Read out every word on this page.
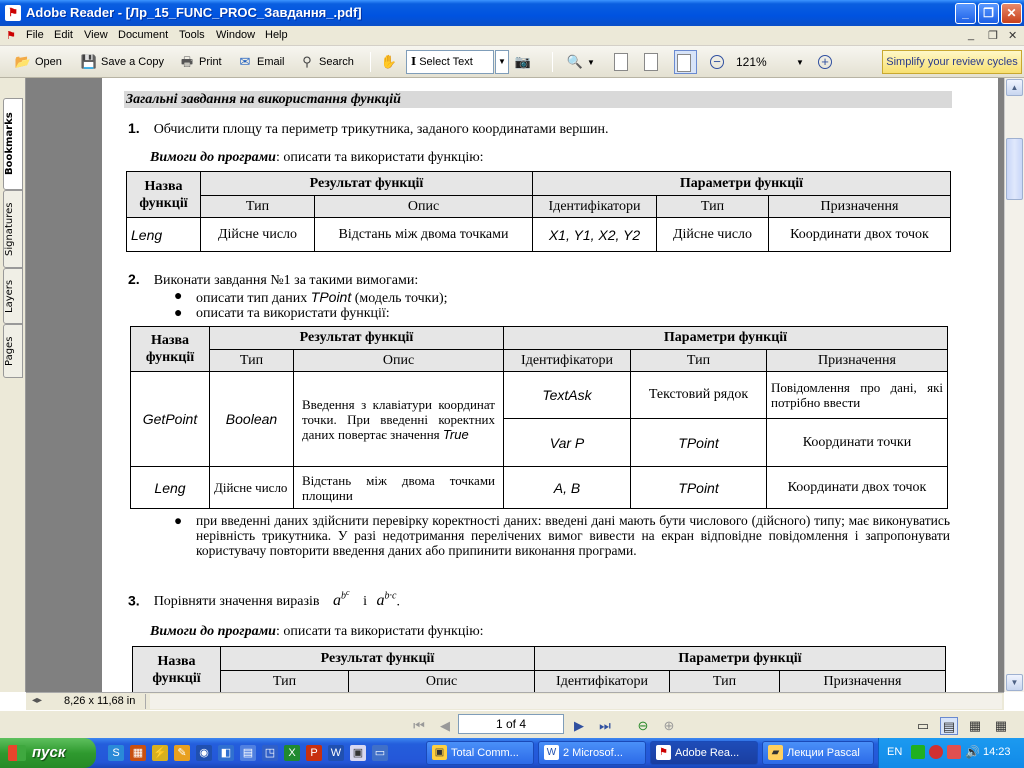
⚑ Adobe Reader - [Лр_15_FUNC_PROC_Завдання_.pdf]	_	❐	✕
⚑ File Edit View Document Tools Window Help	_ ❐ ✕
📂 Open 💾 Save a Copy 🖶 Print ✉ Email	⚲ Search ✋	📷	🔍 ▼	−	▼ +
I Select Text	▼	121%	Simplify your review cycles
Bookmarks
Signatures
Layers
Pages
Загальні завдання на використання функцій
1. Обчислити площу та периметр трикутника, заданого координатами вершин.
Вимоги до програми: описати та використати функцію:
Назва функції	Результат функції		Параметри функції		
	Тип	Опис	Ідентифікатори	Тип	Призначення
Leng	Дійсне число	Відстань між двома точками	X1, Y1, X2, Y2	Дійсне число	Координати двох точок
2. Виконати завдання №1 за такими вимогами:
● описати тип даних TPoint (модель точки);
● описати та використати функції:
Назва функції	Результат функції		Параметри функції		
	Тип	Опис	Ідентифікатори	Тип	Призначення
GetPoint	Boolean	Введення з клавіатури координат точки. При введенні коректних даних повертає значення True	TextAsk	Текстовий рядок	Повідомлення про дані, які потрібно ввести
			Var P	TPoint	Координати точки
Leng	Дійсне число	Відстань між двома точками площини	A, B	TPoint	Координати двох точок
● при введенні даних здійснити перевірку коректності даних: введені дані мають бути числового (дійсного) типу; має виконуватись нерівність трикутника. У разі недотримання перелічених вимог вивести на екран відповідне повідомлення і запропонувати користувачу повторити введення даних або припинити виконання програми.
3. Порівняти значення виразів $a^{bc}$ і $a^{b\cdot c}$.
Вимоги до програми: описати та використати функцію:
Назва функції	Результат функції		Параметри функції		
	Тип	Опис	Ідентифікатори	Тип	Призначення
▲
▼
◂▸	8,26 x 11,68 in
⏮	◀	▶	⏭ ⊖ ⊕	▭ ▤ ▦ ▦
1 of 4
пуск	S	▦ ⚡ ✎	◉ ◧ ▤ ◳	X	P	W ▣ ▭	▣ Total Comm...	W 2 Microsof...	⚑ Adobe Rea...	▰ Лекции Pascal	EN	🔊 14:23
